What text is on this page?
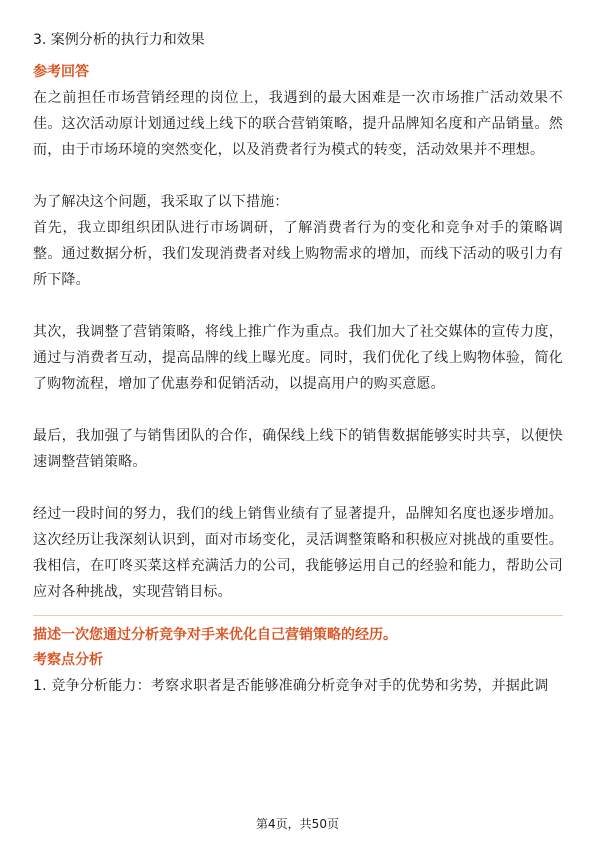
3. 案例分析的执行力和效果
参考回答

在之前担任市场营销经理的岗位上，我遇到的最大困难是一次市场推广活动效果不佳。这次活动原计划通过线上线下的联合营销策略，提升品牌知名度和产品销量。然而，由于市场环境的突然变化，以及消费者行为模式的转变，活动效果并不理想。

为了解决这个问题，我采取了以下措施：

首先，我立即组织团队进行市场调研，了解消费者行为的变化和竞争对手的策略调整。通过数据分析，我们发现消费者对线上购物需求的增加，而线下活动的吸引力有所下降。

其次，我调整了营销策略，将线上推广作为重点。我们加大了社交媒体的宣传力度，通过与消费者互动，提高品牌的线上曝光度。同时，我们优化了线上购物体验，简化了购物流程，增加了优惠券和促销活动，以提高用户的购买意愿。

最后，我加强了与销售团队的合作，确保线上线下的销售数据能够实时共享，以便快速调整营销策略。

经过一段时间的努力，我们的线上销售业绩有了显著提升，品牌知名度也逐步增加。这次经历让我深刻认识到，面对市场变化，灵活调整策略和积极应对挑战的重要性。我相信，在叮咚买菜这样充满活力的公司，我能够运用自己的经验和能力，帮助公司应对各种挑战，实现营销目标。

描述一次您通过分析竞争对手来优化自己营销策略的经历。
考察点分析

1. 竞争分析能力：考察求职者是否能够准确分析竞争对手的优势和劣势，并据此调

第4页，共50页
